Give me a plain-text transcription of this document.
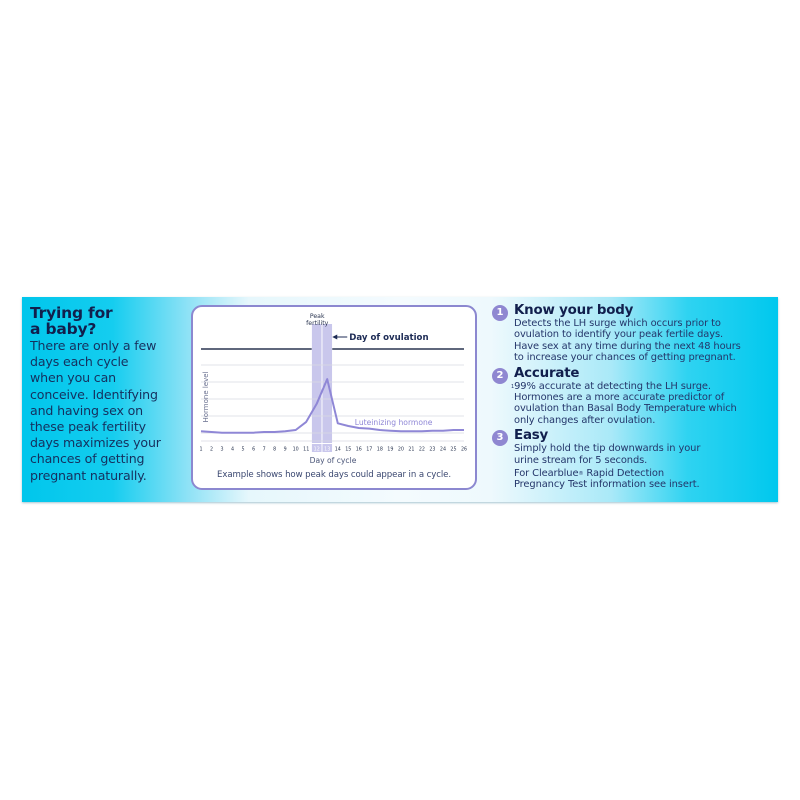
Trying for
a baby?

There are only a few
days each cycle
when you can
conceive. Identifying
and having sex on
these peak fertility
days maximizes your
chances of getting
pregnant naturally.

Peak
fertility
Day of ovulation
Luteinizing hormone
Hormone level
1 2 3 4 5 6 7 8 9 10 11 12 13 14 15 16 17 18 19 20 21 22 23 24 25 26
Day of cycle
Example shows how peak days could appear in a cycle.
1 Know your body

Detects the LH surge which occurs prior to
ovulation to identify your peak fertile days.
Have sex at any time during the next 48 hours
to increase your chances of getting pregnant.

2 Accurate

$^1$99% accurate at detecting the LH surge.
Hormones are a more accurate predictor of
ovulation than Basal Body Temperature which
only changes after ovulation.

3 Easy

Simply hold the tip downwards in your
urine stream for 5 seconds.

For Clearblue® Rapid Detection
Pregnancy Test information see insert.
